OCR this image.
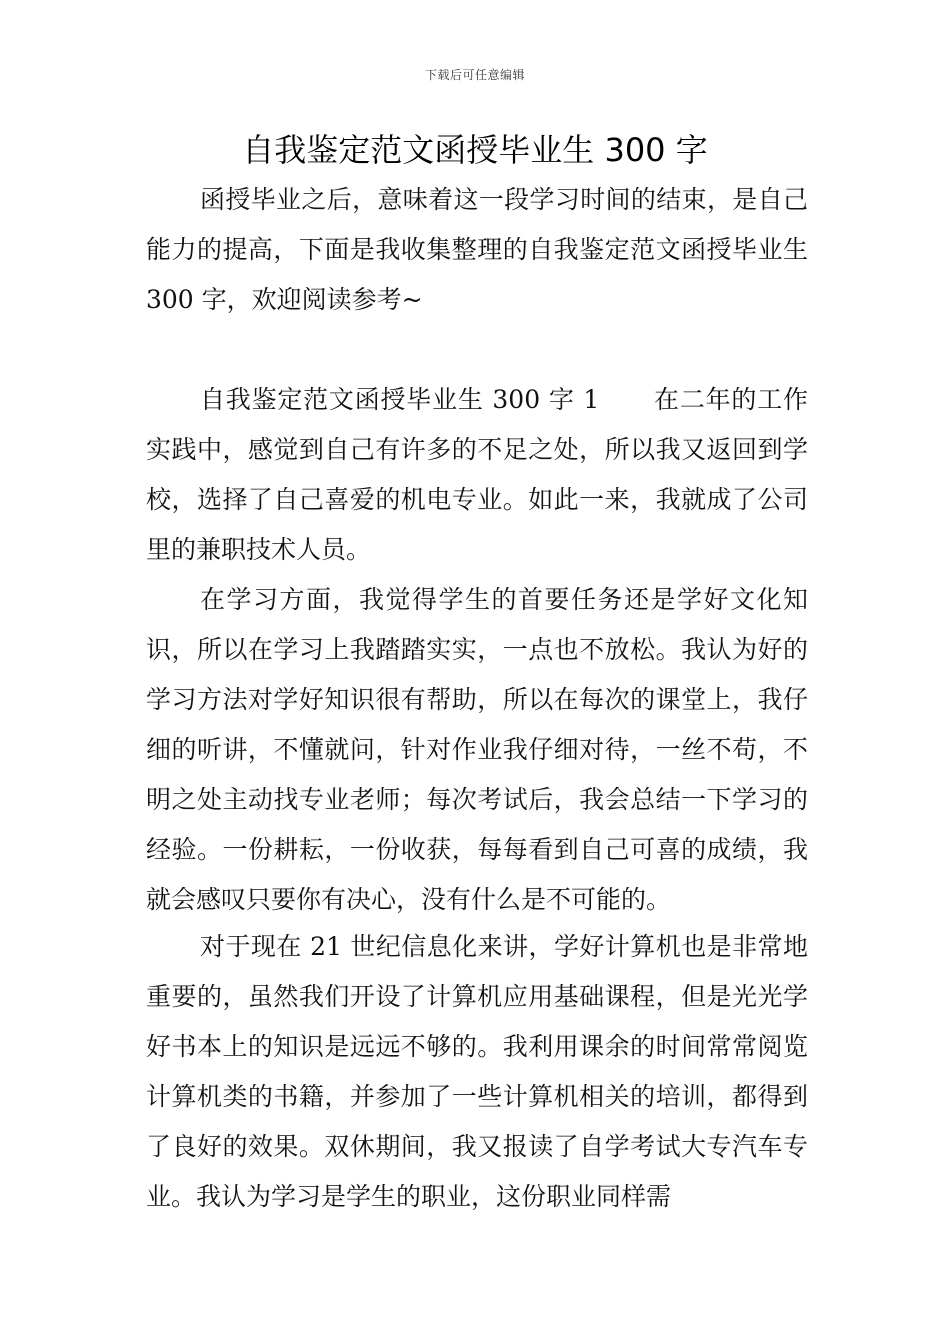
下载后可任意编辑
自我鉴定范文函授毕业生 300 字

函授毕业之后，意味着这一段学习时间的结束，是自己能力的提高，下面是我收集整理的自我鉴定范文函授毕业生 300 字，欢迎阅读参考~

自我鉴定范文函授毕业生 300 字 1 在二年的工作实践中，感觉到自己有许多的不足之处，所以我又返回到学校，选择了自己喜爱的机电专业。如此一来，我就成了公司里的兼职技术人员。

在学习方面，我觉得学生的首要任务还是学好文化知识，所以在学习上我踏踏实实，一点也不放松。我认为好的学习方法对学好知识很有帮助，所以在每次的课堂上，我仔细的听讲，不懂就问，针对作业我仔细对待，一丝不苟，不明之处主动找专业老师；每次考试后，我会总结一下学习的经验。一份耕耘，一份收获，每每看到自己可喜的成绩，我就会感叹只要你有决心，没有什么是不可能的。

对于现在 21 世纪信息化来讲，学好计算机也是非常地重要的，虽然我们开设了计算机应用基础课程，但是光光学好书本上的知识是远远不够的。我利用课余的时间常常阅览计算机类的书籍，并参加了一些计算机相关的培训，都得到了良好的效果。双休期间，我又报读了自学考试大专汽车专业。我认为学习是学生的职业，这份职业同样需
